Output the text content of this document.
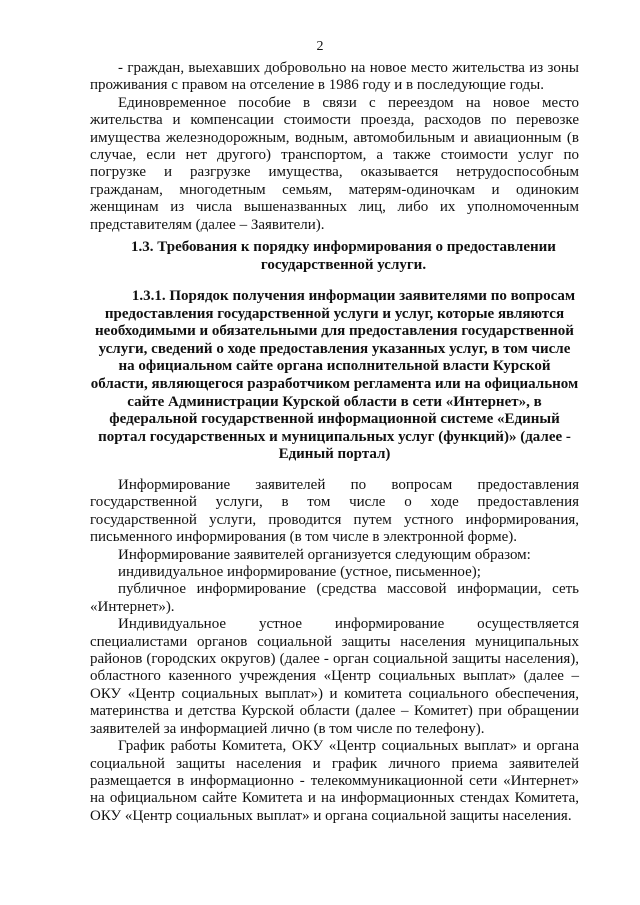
2

- граждан, выехавших добровольно на новое место жительства из зоны проживания с правом на отселение в 1986 году и в последующие годы.

Единовременное пособие в связи с переездом на новое место жительства и компенсации стоимости проезда, расходов по перевозке имущества железнодорожным, водным, автомобильным и авиационным (в случае, если нет другого) транспортом, а также стоимости услуг по погрузке и разгрузке имущества, оказывается нетрудоспособным гражданам, многодетным семьям, матерям-одиночкам и одиноким женщинам из числа вышеназванных лиц, либо их уполномоченным представителям (далее – Заявители).

1.3. Требования к порядку информирования о предоставлении государственной услуги.

1.3.1. Порядок получения информации заявителями по вопросам предоставления государственной услуги и услуг, которые являются необходимыми и обязательными для предоставления государственной услуги, сведений о ходе предоставления указанных услуг, в том числе на официальном сайте органа исполнительной власти Курской области, являющегося разработчиком регламента или на официальном сайте Администрации Курской области в сети «Интернет», в федеральной государственной информационной системе «Единый портал государственных и муниципальных услуг (функций)» (далее - Единый портал)

Информирование заявителей по вопросам предоставления государственной услуги, в том числе о ходе предоставления государственной услуги, проводится путем устного информирования, письменного информирования (в том числе в электронной форме).

Информирование заявителей организуется следующим образом:

индивидуальное информирование (устное, письменное);

публичное информирование (средства массовой информации, сеть «Интернет»).

Индивидуальное устное информирование осуществляется специалистами органов социальной защиты населения муниципальных районов (городских округов) (далее - орган социальной защиты населения), областного казенного учреждения «Центр социальных выплат» (далее – ОКУ «Центр социальных выплат») и комитета социального обеспечения, материнства и детства Курской области (далее – Комитет) при обращении заявителей за информацией лично (в том числе по телефону).

График работы Комитета, ОКУ «Центр социальных выплат» и органа социальной защиты населения и график личного приема заявителей размещается в информационно - телекоммуникационной сети «Интернет» на официальном сайте Комитета и на информационных стендах Комитета, ОКУ «Центр социальных выплат» и органа социальной защиты населения.
